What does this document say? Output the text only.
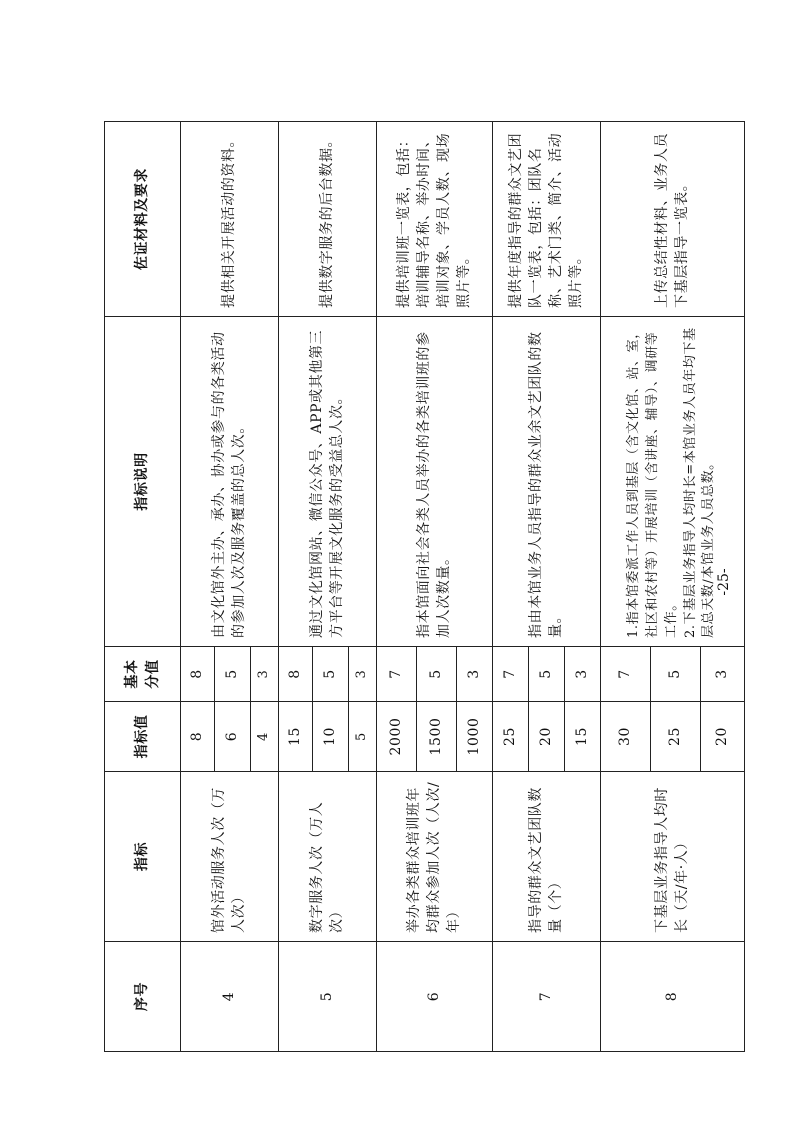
序号	指标	指标值	基本分值	指标说明	佐证材料及要求
4	馆外活动服务人次（万人次）	8	8	由文化馆外主办、承办、协办或参与的各类活动的参加人次及服务覆盖的总人次。	提供相关开展活动的资料。
		6	5		
		4	3		
5	数字服务人次（万人次）	15	8	通过文化馆网站、微信公众号、APP或其他第三方平台等开展文化服务的受益总人次。	提供数字服务的后台数据。
		10	5		
		5	3		
6	举办各类群众培训班年均群众参加人次（人次/年）	2000	7	指本馆面向社会各类人员举办的各类培训班的参加人次数量。	提供培训班一览表，包括：培训辅导名称、举办时间、培训对象、学员人数、现场照片等。
		1500	5		
		1000	3		
7	指导的群众文艺团队数量（个）	25	7	指由本馆业务人员指导的群众业余文艺团队的数量。	提供年度指导的群众文艺团队一览表，包括：团队名称、艺术门类、简介、活动照片等。
		20	5		
		15	3		
8	下基层业务指导人均时长（天/年·人）	30	7	1.指本馆委派工作人员到基层（含文化馆、站、室，社区和农村等）开展培训（含讲座、辅导）、调研等工作。 2.下基层业务指导人均时长=本馆业务人员年均下基层总天数/本馆业务人员总数。	上传总结性材料、业务人员下基层指导一览表。
		25	5		
		20	3		
-25-
